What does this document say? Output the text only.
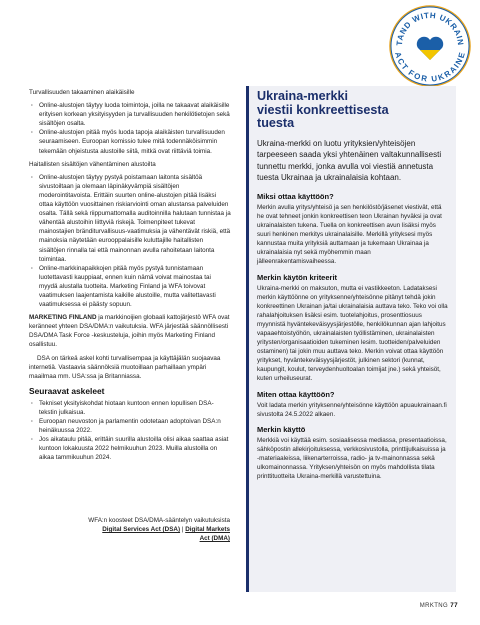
TAND WITH UKRAIN
ACT FOR UKRAINE

Turvallisuuden takaaminen alaikäisille

· Online-alustojen täytyy luoda toimintoja, joilla ne takaavat alaikäisille erityisen korkean yksityisyyden ja turvallisuuden henkilötietojen sekä sisältöjen osalta.
· Online-alustojen pitää myös luoda tapoja alaikäisten turvallisuuden seuraamiseen. Euroopan komissio tulee mitä todennäköisimmin tekemään ohjeistusta alustoille siitä, mitkä ovat riittäviä toimia.

Haitallisten sisältöjen vähentäminen alustoilta

· Online-alustojen täytyy pystyä poistamaan laitonta sisältöä sivustoiltaan ja olemaan läpinäkyvämpiä sisältöjen moderointitavoista. Erittäin suurten online-alustojen pitää lisäksi ottaa käyttöön vuosittainen riskiarviointi oman alustansa palveluiden osalta. Tällä sekä riippumattomalla auditoinnilla halutaan tunnistaa ja vähentää alustoihin liittyviä riskejä. Toimenpiteet tukevat mainostajien bränditurvallisuus-vaatimuksia ja vähentävät riskiä, että mainoksia näytetään eurooppalaisille kuluttajille haitallisten sisältöjen rinnalla tai että mainonnan avulla rahoitetaan laitonta toimintaa.
· Online-markkinapaikkojen pitää myös pystyä tunnistamaan luotettavasti kauppiaat, ennen kuin nämä voivat mainostaa tai myydä alustalla tuotteita. Marketing Finland ja WFA toivovat vaatimuksen laajentamista kaikille alustoille, mutta valitettavasti vaatimuksessa ei päästy sopuun.

MARKETING FINLAND ja markkinoijien globaali kattojärjestö WFA ovat keränneet yhteen DSA/DMA:n vaikutuksia. WFA järjestää säännöllisesti DSA/DMA Task Force -keskusteluja, joihin myös Marketing Finland osallistuu.

DSA on tärkeä askel kohti turvallisempaa ja käyttäjälän suojaavaa internetiä. Vastaavia säännöksiä muotoillaan parhaillaan ympäri maailmaa mm. USA:ssa ja Britanniassa.

Seuraavat askeleet
· Tekniset yksityiskohdat hiotaan kuntoon ennen lopullisen DSA-tekstin julkaisua.
· Euroopan neuvoston ja parlamentin odotetaan adoptoivan DSA:n heinäkuussa 2022.
· Jos aikataulu pitää, erittäin suurilla alustoilla olisi aikaa saattaa asiat kuntoon lokakuusta 2022 helmikuuhun 2023. Muilla alustoilla on aikaa tammikuuhun 2024.
WFA:n koosteet DSA/DMA-sääntelyn vaikutuksista
Digital Services Act (DSA) | Digital Markets
Act (DMA)
Ukraina-merkki
viestii konkreettisesta
tuesta

Ukraina-merkki on luotu yrityksien/yhteisöjen tarpeeseen saada yksi yhtenäinen valtakunnallisesti tunnettu merkki, jonka avulla voi viestiä annetusta tuesta Ukrainaa ja ukrainalaisia kohtaan.

Miksi ottaa käyttöön?

Merkin avulla yritys/yhteisö ja sen henkilöstö/jäsenet viestivät, että he ovat tehneet jonkin konkreettisen teon Ukrainan hyväksi ja ovat ukrainalaisten tukena. Tuella on konkreettisen avun lisäksi myös suuri henkinen merkitys ukrainalaisille. Merkillä yrityksesi myös kannustaa muita yrityksiä auttamaan ja tukemaan Ukrainaa ja ukrainalaisia nyt sekä myöhemmin maan jälleenrakentamisvaiheessa.

Merkin käytön kriteerit

Ukraina-merkki on maksuton, mutta ei vastikkeeton. Ladataksesi merkin käyttöönne on yrityksenne/yhteisönne pitänyt tehdä jokin konkreettinen Ukrainan ja/tai ukrainalaisia auttava teko. Teko voi olla rahalahjoituksen lisäksi esim. tuotelahjoitus, prosenttiosuus myynnistä hyväntekeväisyysjärjestölle, henkilökunnan ajan lahjoitus vapaaehtoistyöhön, ukrainalaisten työllistäminen, ukrainalaisten yritysten/organisaatioiden tukeminen lesim. tuotteiden/palveluiden ostaminen) tai jokin muu auttava teko. Merkin voivat ottaa käyttöön yritykset, hyväntekeväisyysjärjestöt, julkinen sektori (kunnat, kaupungit, koulut, terveydenhuoltoalan toimijat jne.) sekä yhteisöt, kuten urheiluseurat.

Miten ottaa käyttöön?

Voit ladata merkin yrityksenne/yhteisönne käyttöön apuaukrainaan.fi sivustolta 24.5.2022 alkaen.

Merkin käyttö

Merkkiä voi käyttää esim. sosiaalisessa mediassa, presentaatioissa, sähköpostin allekirjoituksessa, verkkosivustolla, printtijulkaisuissa ja -materiaaleissa, liikenarterroissa, radio- ja tv-mainonnassa sekä ulkomainonnassa. Yrityksen/yhteisön on myös mahdollista tilata printtituotteita Ukraina-merkillä varustettuina.

MRKTNG 77
